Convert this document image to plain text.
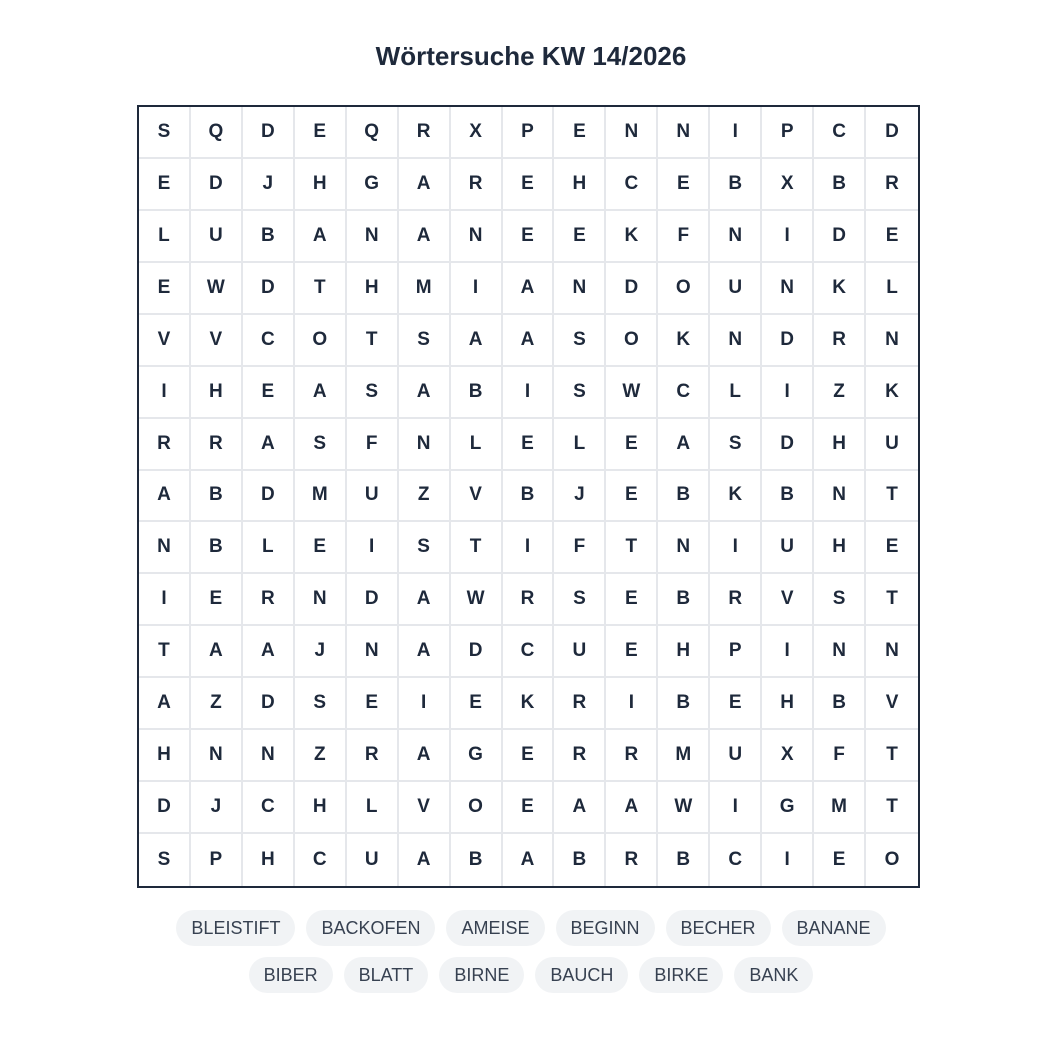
Wörtersuche KW 14/2026
S	Q	D	E	Q	R	X	P	E	N	N	I	P	C	D
E	D	J	H	G	A	R	E	H	C	E	B	X	B	R
L	U	B	A	N	A	N	E	E	K	F	N	I	D	E
E	W	D	T	H	M	I	A	N	D	O	U	N	K	L
V	V	C	O	T	S	A	A	S	O	K	N	D	R	N
I	H	E	A	S	A	B	I	S	W	C	L	I	Z	K
R	R	A	S	F	N	L	E	L	E	A	S	D	H	U
A	B	D	M	U	Z	V	B	J	E	B	K	B	N	T
N	B	L	E	I	S	T	I	F	T	N	I	U	H	E
I	E	R	N	D	A	W	R	S	E	B	R	V	S	T
T	A	A	J	N	A	D	C	U	E	H	P	I	N	N
A	Z	D	S	E	I	E	K	R	I	B	E	H	B	V
H	N	N	Z	R	A	G	E	R	R	M	U	X	F	T
D	J	C	H	L	V	O	E	A	A	W	I	G	M	T
S	P	H	C	U	A	B	A	B	R	B	C	I	E	O
BLEISTIFT	BACKOFEN	AMEISE	BEGINN	BECHER	BANANE
BIBER	BLATT	BIRNE	BAUCH	BIRKE	BANK
